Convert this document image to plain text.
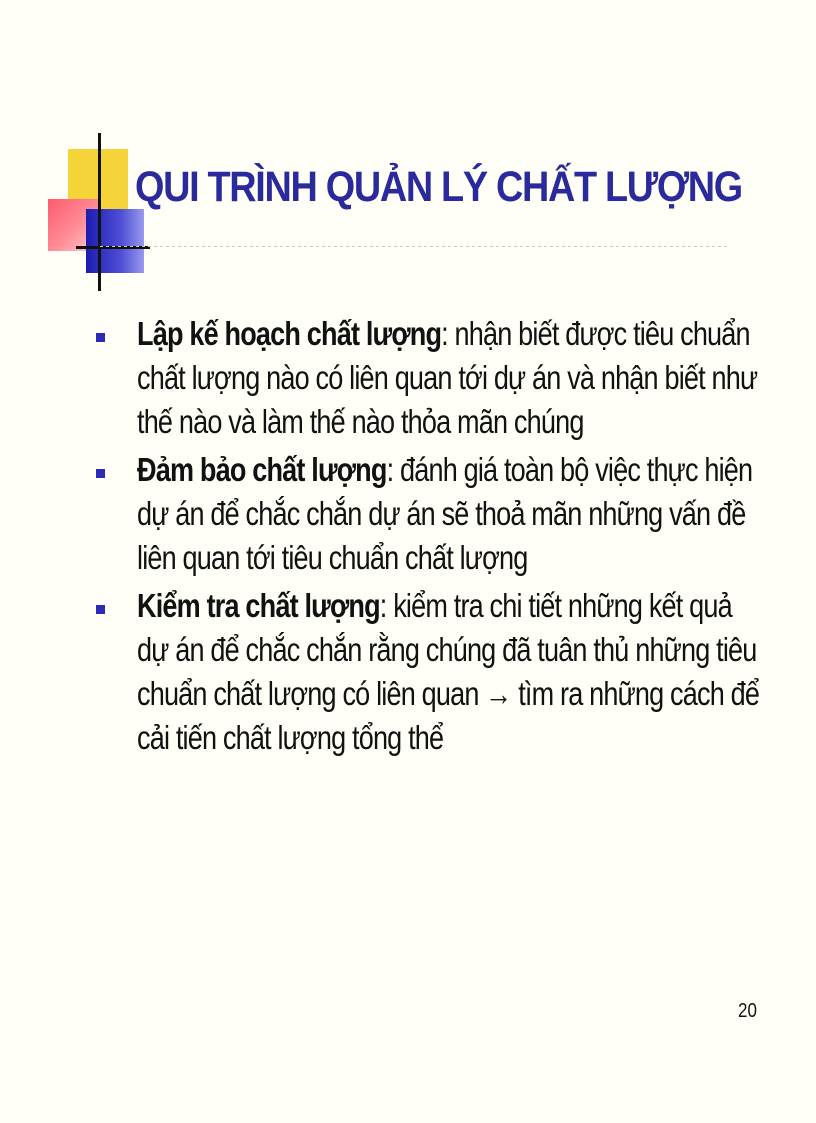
QUI TRÌNH QUẢN LÝ CHẤT LƯỢNG
Lập kế hoạch chất lượng: nhận biết được tiêu chuẩn chất lượng nào có liên quan tới dự án và nhận biết như thế nào và làm thế nào thỏa mãn chúng
Đảm bảo chất lượng: đánh giá toàn bộ việc thực hiện dự án để chắc chắn dự án sẽ thoả mãn những vấn đề liên quan tới tiêu chuẩn chất lượng
Kiểm tra chất lượng: kiểm tra chi tiết những kết quả dự án để chắc chắn rằng chúng đã tuân thủ những tiêu chuẩn chất lượng có liên quan → tìm ra những cách để cải tiến chất lượng tổng thể
20
